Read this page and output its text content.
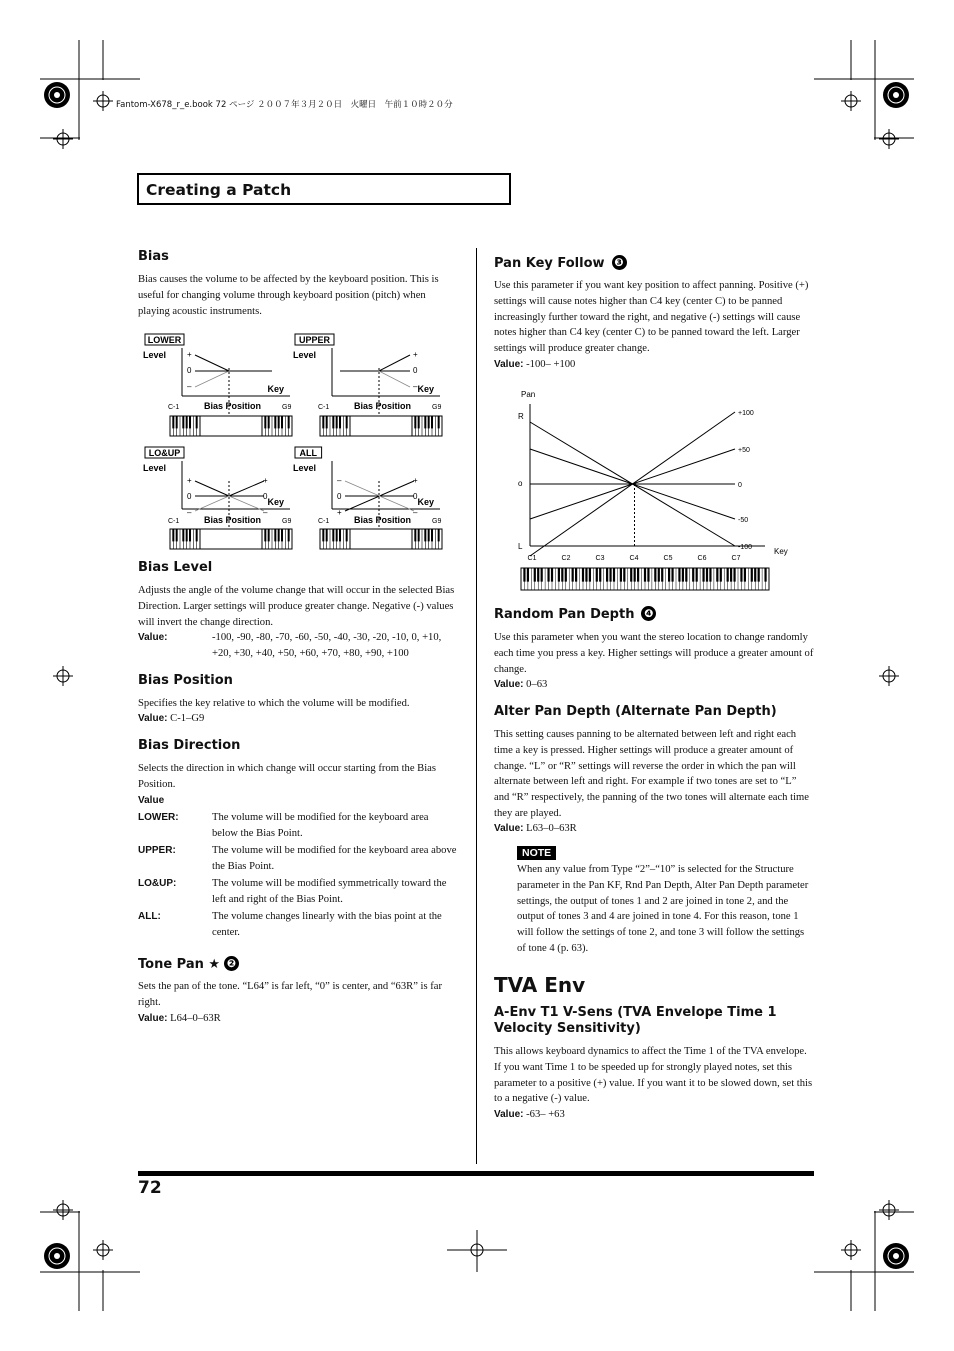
Fantom-X678_r_e.book 72 ページ ２００７年３月２０日　火曜日　午前１０時２０分
Creating a Patch
Bias
Bias causes the volume to be affected by the keyboard position. This is useful for changing volume through keyboard position (pitch) when playing acoustic instruments.
LOWER
Level
Key
+
0
–
C-1	Bias Position	G9
UPPER
Level
Key
+
0
–
C-1	Bias Position	G9
LO&UP
Level
Key
+
0
–
+
0
–
C-1	Bias Position	G9
ALL
Level
Key
–
0
+
+
0
–
C-1	Bias Position	G9
Bias Level
Adjusts the angle of the volume change that will occur in the selected Bias Direction. Larger settings will produce greater change. Negative (-) values will invert the change direction.
Value:	-100, -90, -80, -70, -60, -50, -40, -30, -20, -10, 0, +10, +20, +30, +40, +50, +60, +70, +80, +90, +100
Bias Position
Specifies the key relative to which the volume will be modified.
Value: C-1–G9
Bias Direction
Selects the direction in which change will occur starting from the Bias Position.
Value
LOWER:	The volume will be modified for the keyboard area below the Bias Point.
UPPER:	The volume will be modified for the keyboard area above the Bias Point.
LO&UP:	The volume will be modified symmetrically toward the left and right of the Bias Point.
ALL:	The volume changes linearly with the bias point at the center.
Tone Pan ★ ❷
Sets the pan of the tone. “L64” is far left, “0” is center, and “63R” is far right.
Value: L64–0–63R
Pan Key Follow ❸
Use this parameter if you want key position to affect panning. Positive (+) settings will cause notes higher than C4 key (center C) to be panned increasingly further toward the right, and negative (-) settings will cause notes higher than C4 key (center C) to be panned toward the left. Larger settings will produce greater change.
Value: -100– +100
Pan
R
o
L
Key
+100
+50
0
-50
-100
C1	C2	C3	C4	C5	C6	C7
Random Pan Depth ❹
Use this parameter when you want the stereo location to change randomly each time you press a key. Higher settings will produce a greater amount of change.
Value: 0–63
Alter Pan Depth (Alternate Pan Depth)
This setting causes panning to be alternated between left and right each time a key is pressed. Higher settings will produce a greater amount of change. “L” or “R” settings will reverse the order in which the pan will alternate between left and right. For example if two tones are set to “L” and “R” respectively, the panning of the two tones will alternate each time they are played.
Value: L63–0–63R
NOTE
When any value from Type “2”–“10” is selected for the Structure parameter in the Pan KF, Rnd Pan Depth, Alter Pan Depth parameter settings, the output of tones 1 and 2 are joined in tone 2, and the output of tones 3 and 4 are joined in tone 4. For this reason, tone 1 will follow the settings of tone 2, and tone 3 will follow the settings of tone 4 (p. 63).
TVA Env
A-Env T1 V-Sens (TVA Envelope Time 1 Velocity Sensitivity)
This allows keyboard dynamics to affect the Time 1 of the TVA envelope. If you want Time 1 to be speeded up for strongly played notes, set this parameter to a positive (+) value. If you want it to be slowed down, set this to a negative (-) value.
Value: -63– +63
72
